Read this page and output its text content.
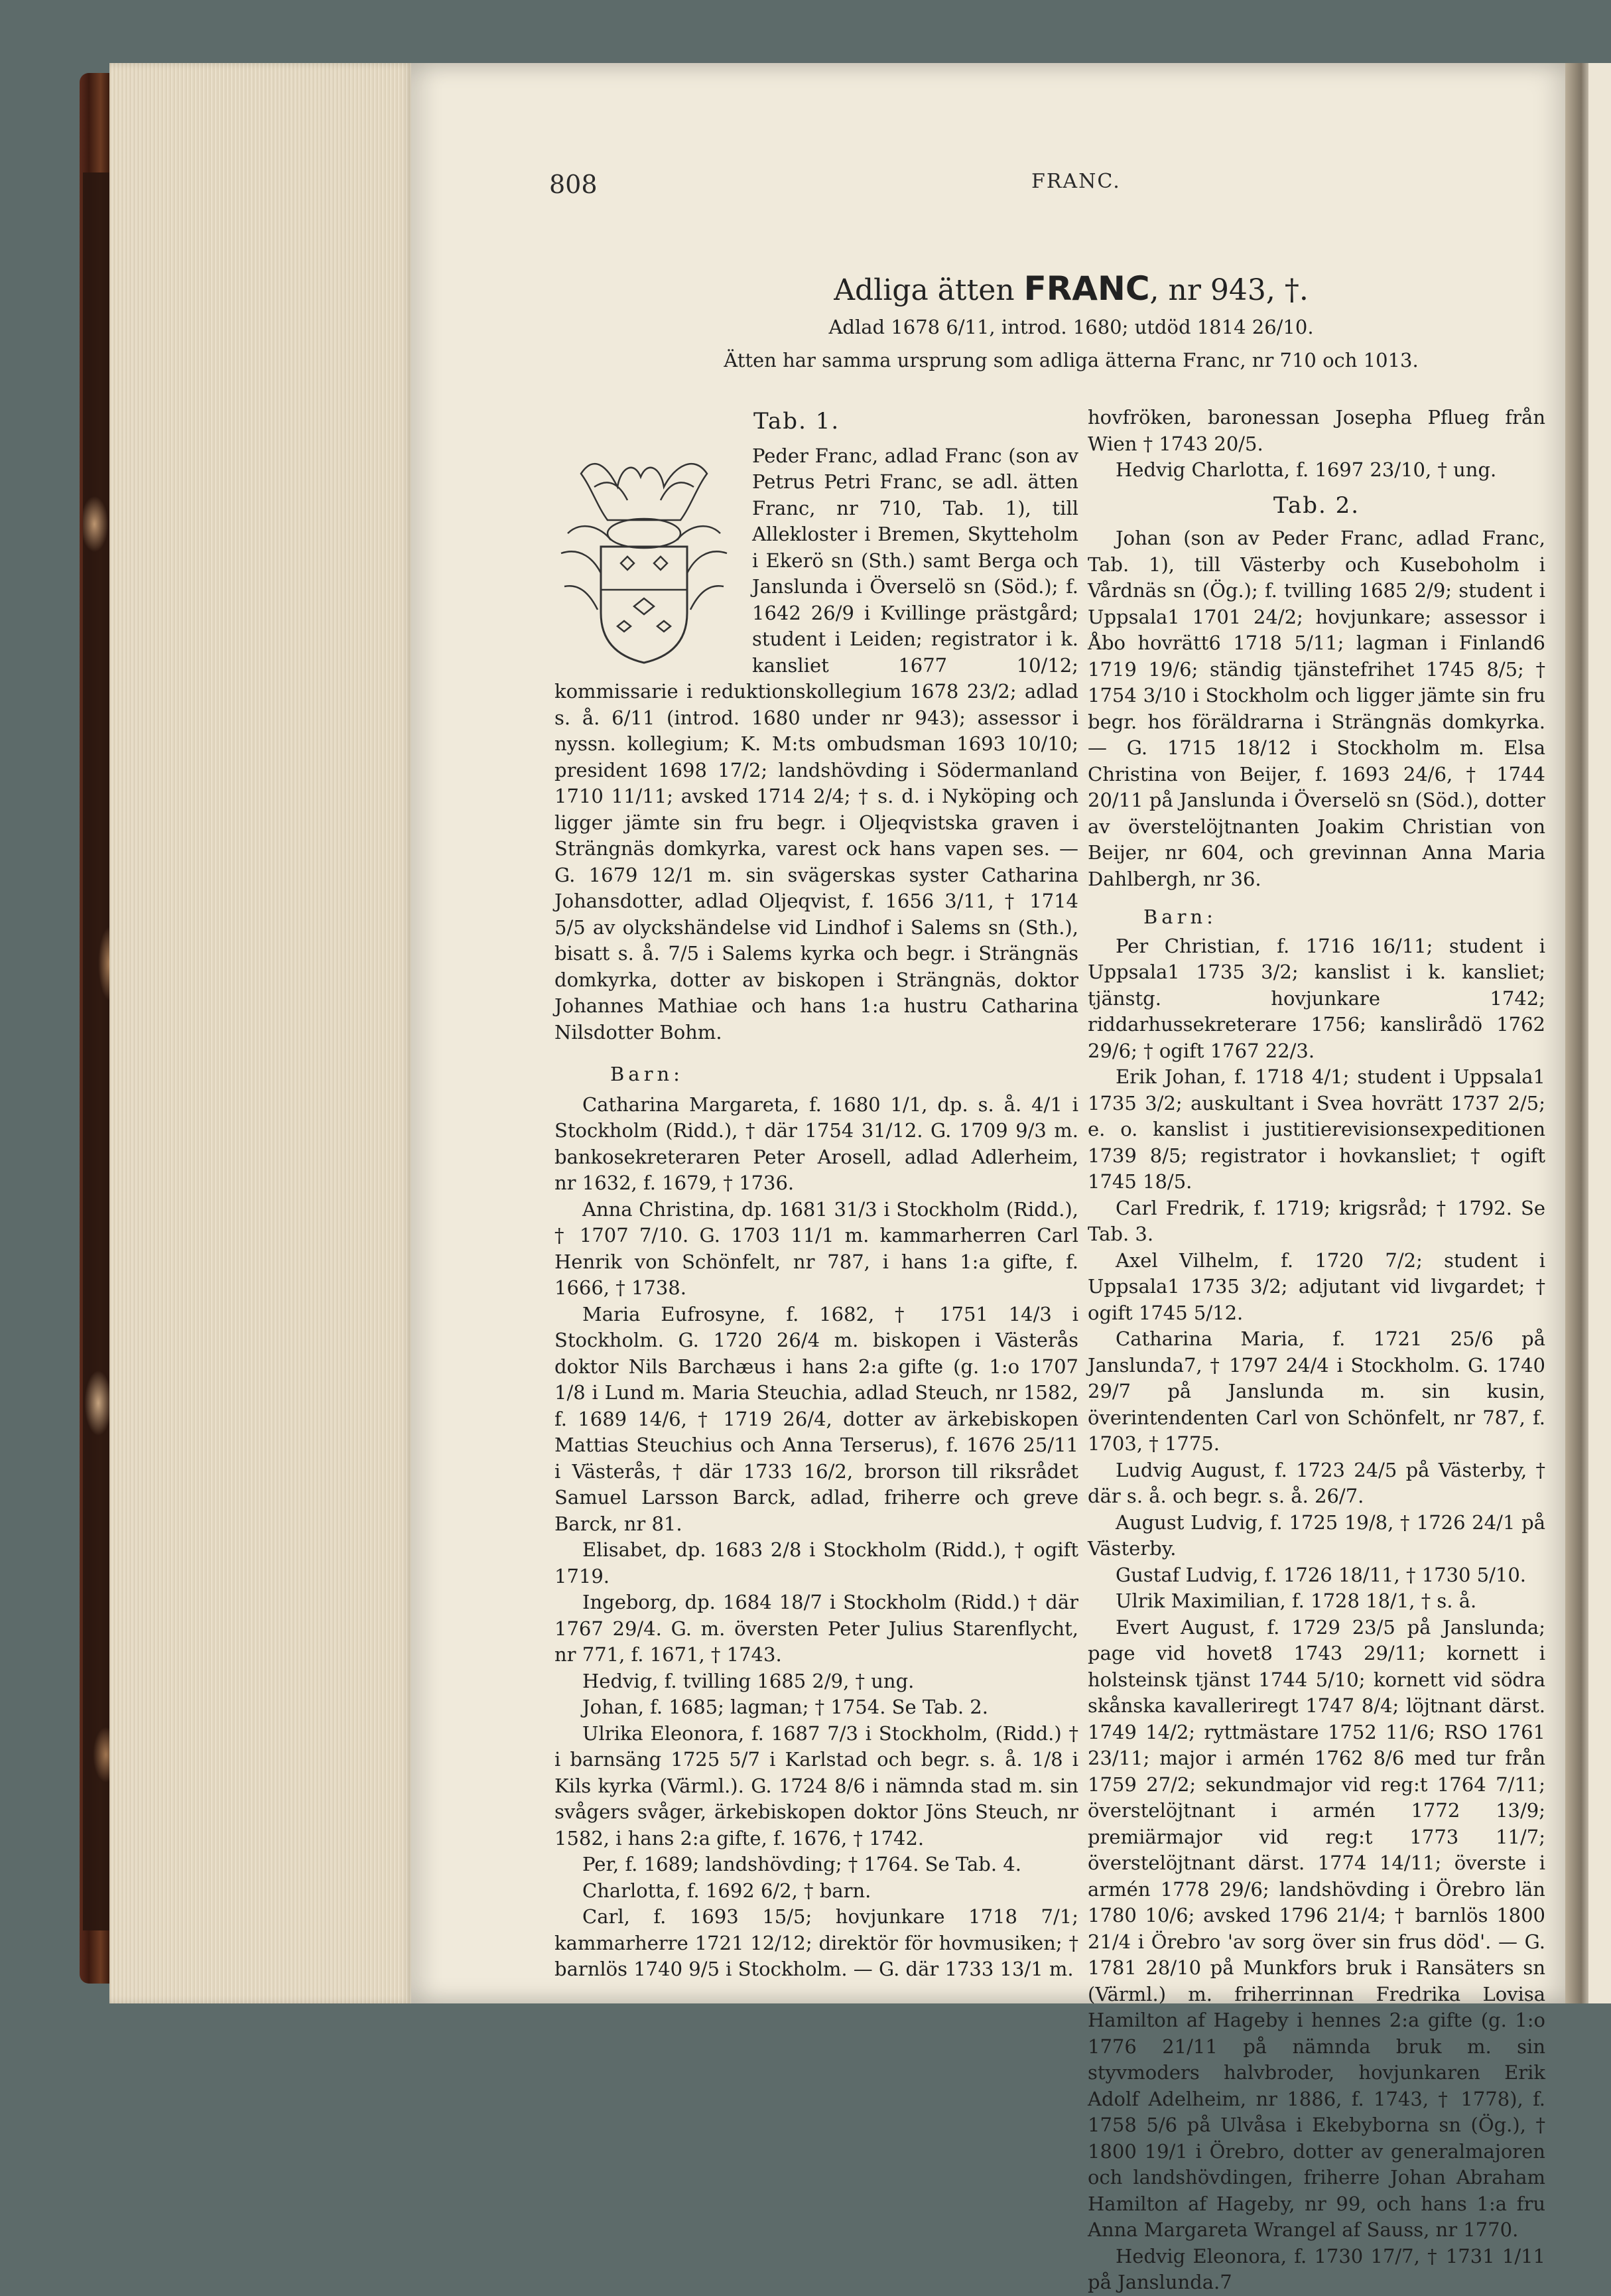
808	FRANC.
Adliga ätten FRANC, nr 943, †.
Adlad 1678 6/11, introd. 1680; utdöd 1814 26/10.
Ätten har samma ursprung som adliga ätterna Franc, nr 710 och 1013.
Tab. 1.

Peder Franc, adlad Franc (son av Petrus Petri Franc, se adl. ätten Franc, nr 710, Tab. 1), till Allekloster i Bremen, Skytteholm i Ekerö sn (Sth.) samt Berga och Janslunda i Överselö sn (Söd.); f. 1642 26/9 i Kvillinge prästgård; student i Leiden; registrator i k. kansliet 1677 10/12; kommissarie i reduktionskollegium 1678 23/2; adlad s. å. 6/11 (introd. 1680 under nr 943); assessor i nyssn. kollegium; K. M:ts ombudsman 1693 10/10; president 1698 17/2; landshövding i Södermanland 1710 11/11; avsked 1714 2/4; † s. d. i Nyköping och ligger jämte sin fru begr. i Oljeqvistska graven i Strängnäs domkyrka, varest ock hans vapen ses. — G. 1679 12/1 m. sin svägerskas syster Catharina Johansdotter, adlad Oljeqvist, f. 1656 3/11, † 1714 5/5 av olyckshändelse vid Lindhof i Salems sn (Sth.), bisatt s. å. 7/5 i Salems kyrka och begr. i Strängnäs domkyrka, dotter av biskopen i Strängnäs, doktor Johannes Mathiae och hans 1:a hustru Catharina Nilsdotter Bohm.

Barn:

Catharina Margareta, f. 1680 1/1, dp. s. å. 4/1 i Stockholm (Ridd.), † där 1754 31/12. G. 1709 9/3 m. bankosekreteraren Peter Arosell, adlad Adlerheim, nr 1632, f. 1679, † 1736.

Anna Christina, dp. 1681 31/3 i Stockholm (Ridd.), † 1707 7/10. G. 1703 11/1 m. kammarherren Carl Henrik von Schönfelt, nr 787, i hans 1:a gifte, f. 1666, † 1738.

Maria Eufrosyne, f. 1682, † 1751 14/3 i Stockholm. G. 1720 26/4 m. biskopen i Västerås doktor Nils Barchæus i hans 2:a gifte (g. 1:o 1707 1/8 i Lund m. Maria Steuchia, adlad Steuch, nr 1582, f. 1689 14/6, † 1719 26/4, dotter av ärkebiskopen Mattias Steuchius och Anna Terserus), f. 1676 25/11 i Västerås, † där 1733 16/2, brorson till riksrådet Samuel Larsson Barck, adlad, friherre och greve Barck, nr 81.

Elisabet, dp. 1683 2/8 i Stockholm (Ridd.), † ogift 1719.

Ingeborg, dp. 1684 18/7 i Stockholm (Ridd.) † där 1767 29/4. G. m. översten Peter Julius Starenflycht, nr 771, f. 1671, † 1743.

Hedvig, f. tvilling 1685 2/9, † ung.

Johan, f. 1685; lagman; † 1754. Se Tab. 2.

Ulrika Eleonora, f. 1687 7/3 i Stockholm, (Ridd.) † i barnsäng 1725 5/7 i Karlstad och begr. s. å. 1/8 i Kils kyrka (Värml.). G. 1724 8/6 i nämnda stad m. sin svågers svåger, ärkebiskopen doktor Jöns Steuch, nr 1582, i hans 2:a gifte, f. 1676, † 1742.

Per, f. 1689; landshövding; † 1764. Se Tab. 4.

Charlotta, f. 1692 6/2, † barn.

Carl, f. 1693 15/5; hovjunkare 1718 7/1; kammarherre 1721 12/12; direktör för hovmusiken; † barnlös 1740 9/5 i Stockholm. — G. där 1733 13/1 m.

hovfröken, baronessan Josepha Pflueg från Wien † 1743 20/5.

Hedvig Charlotta, f. 1697 23/10, † ung.

Tab. 2.

Johan (son av Peder Franc, adlad Franc, Tab. 1), till Västerby och Kuseboholm i Vårdnäs sn (Ög.); f. tvilling 1685 2/9; student i Uppsala1 1701 24/2; hovjunkare; assessor i Åbo hovrätt6 1718 5/11; lagman i Finland6 1719 19/6; ständig tjänstefrihet 1745 8/5; † 1754 3/10 i Stockholm och ligger jämte sin fru begr. hos föräldrarna i Strängnäs domkyrka. — G. 1715 18/12 i Stockholm m. Elsa Christina von Beijer, f. 1693 24/6, † 1744 20/11 på Janslunda i Överselö sn (Söd.), dotter av överstelöjtnanten Joakim Christian von Beijer, nr 604, och grevinnan Anna Maria Dahlbergh, nr 36.

Barn:

Per Christian, f. 1716 16/11; student i Uppsala1 1735 3/2; kanslist i k. kansliet; tjänstg. hovjunkare 1742; riddarhussekreterare 1756; kanslirådö 1762 29/6; † ogift 1767 22/3.

Erik Johan, f. 1718 4/1; student i Uppsala1 1735 3/2; auskultant i Svea hovrätt 1737 2/5; e. o. kanslist i justitierevisionsexpeditionen 1739 8/5; registrator i hovkansliet; † ogift 1745 18/5.

Carl Fredrik, f. 1719; krigsråd; † 1792. Se Tab. 3.

Axel Vilhelm, f. 1720 7/2; student i Uppsala1 1735 3/2; adjutant vid livgardet; † ogift 1745 5/12.

Catharina Maria, f. 1721 25/6 på Janslunda7, † 1797 24/4 i Stockholm. G. 1740 29/7 på Janslunda m. sin kusin, överintendenten Carl von Schönfelt, nr 787, f. 1703, † 1775.

Ludvig August, f. 1723 24/5 på Västerby, † där s. å. och begr. s. å. 26/7.

August Ludvig, f. 1725 19/8, † 1726 24/1 på Västerby.

Gustaf Ludvig, f. 1726 18/11, † 1730 5/10.

Ulrik Maximilian, f. 1728 18/1, † s. å.

Evert August, f. 1729 23/5 på Janslunda; page vid hovet8 1743 29/11; kornett i holsteinsk tjänst 1744 5/10; kornett vid södra skånska kavalleriregt 1747 8/4; löjtnant därst. 1749 14/2; ryttmästare 1752 11/6; RSO 1761 23/11; major i armén 1762 8/6 med tur från 1759 27/2; sekundmajor vid reg:t 1764 7/11; överstelöjtnant i armén 1772 13/9; premiärmajor vid reg:t 1773 11/7; överstelöjtnant därst. 1774 14/11; överste i armén 1778 29/6; landshövding i Örebro län 1780 10/6; avsked 1796 21/4; † barnlös 1800 21/4 i Örebro 'av sorg över sin frus död'. — G. 1781 28/10 på Munkfors bruk i Ransäters sn (Värml.) m. friherrinnan Fredrika Lovisa Hamilton af Hageby i hennes 2:a gifte (g. 1:o 1776 21/11 på nämnda bruk m. sin styvmoders halvbroder, hovjunkaren Erik Adolf Adelheim, nr 1886, f. 1743, † 1778), f. 1758 5/6 på Ulvåsa i Ekebyborna sn (Ög.), † 1800 19/1 i Örebro, dotter av generalmajoren och landshövdingen, friherre Johan Abraham Hamilton af Hageby, nr 99, och hans 1:a fru Anna Margareta Wrangel af Sauss, nr 1770.

Hedvig Eleonora, f. 1730 17/7, † 1731 1/11 på Janslunda.7
